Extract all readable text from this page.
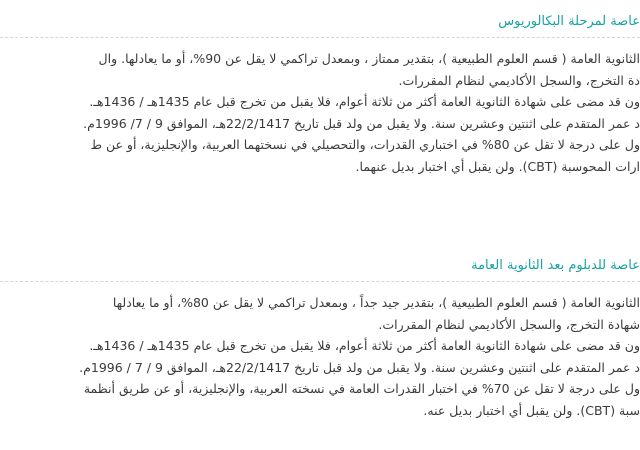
عاصة لمرحلة البكالوريوس
الثانوية العامة ( قسم العلوم الطبيعية )، بتقدير ممتاز ، وبمعدل تراكمي لا يقل عن 90%، أو ما يعادلها. وال
دة التخرج، والسجل الأكاديمي لنظام المقررات.
ون قد مضى على شهادة الثانوية العامة أكثر من ثلاثة أعوام، فلا يقبل من تخرج قبل عام 1435هـ / 1436هـ.
د عمر المتقدم على اثنتين وعشرين سنة. ولا يقبل من ولد قبل تاريخ 22/2/1417هـ، الموافق 9 / 7/ 1996م.
ول على درجة لا تقل عن 80% في اختباري القدرات، والتحصيلي في نسختهما العربية، والإنجليزية، أو عن ط
ارات المحوسبة (CBT). ولن يقبل أي اختبار بديل عنهما.
عاصة للدبلوم بعد الثانوية العامة
الثانوية العامة ( قسم العلوم الطبيعية )، بتقدير جيد جداً ، وبمعدل تراكمي لا يقل عن 80%، أو ما يعادلها
شهادة التخرج، والسجل الأكاديمي لنظام المقررات.
ون قد مضى على شهادة الثانوية العامة أكثر من ثلاثة أعوام، فلا يقبل من تخرج قبل عام 1435هـ / 1436هـ.
د عمر المتقدم على اثنتين وعشرين سنة. ولا يقبل من ولد قبل تاريخ 22/2/1417هـ، الموافق 9 / 7 / 1996م.
ول على درجة لا تقل عن 70% في اختبار القدرات العامة في نسخته العربية، والإنجليزية، أو عن طريق أنظمة
سبة (CBT). ولن يقبل أي اختبار بديل عنه.
